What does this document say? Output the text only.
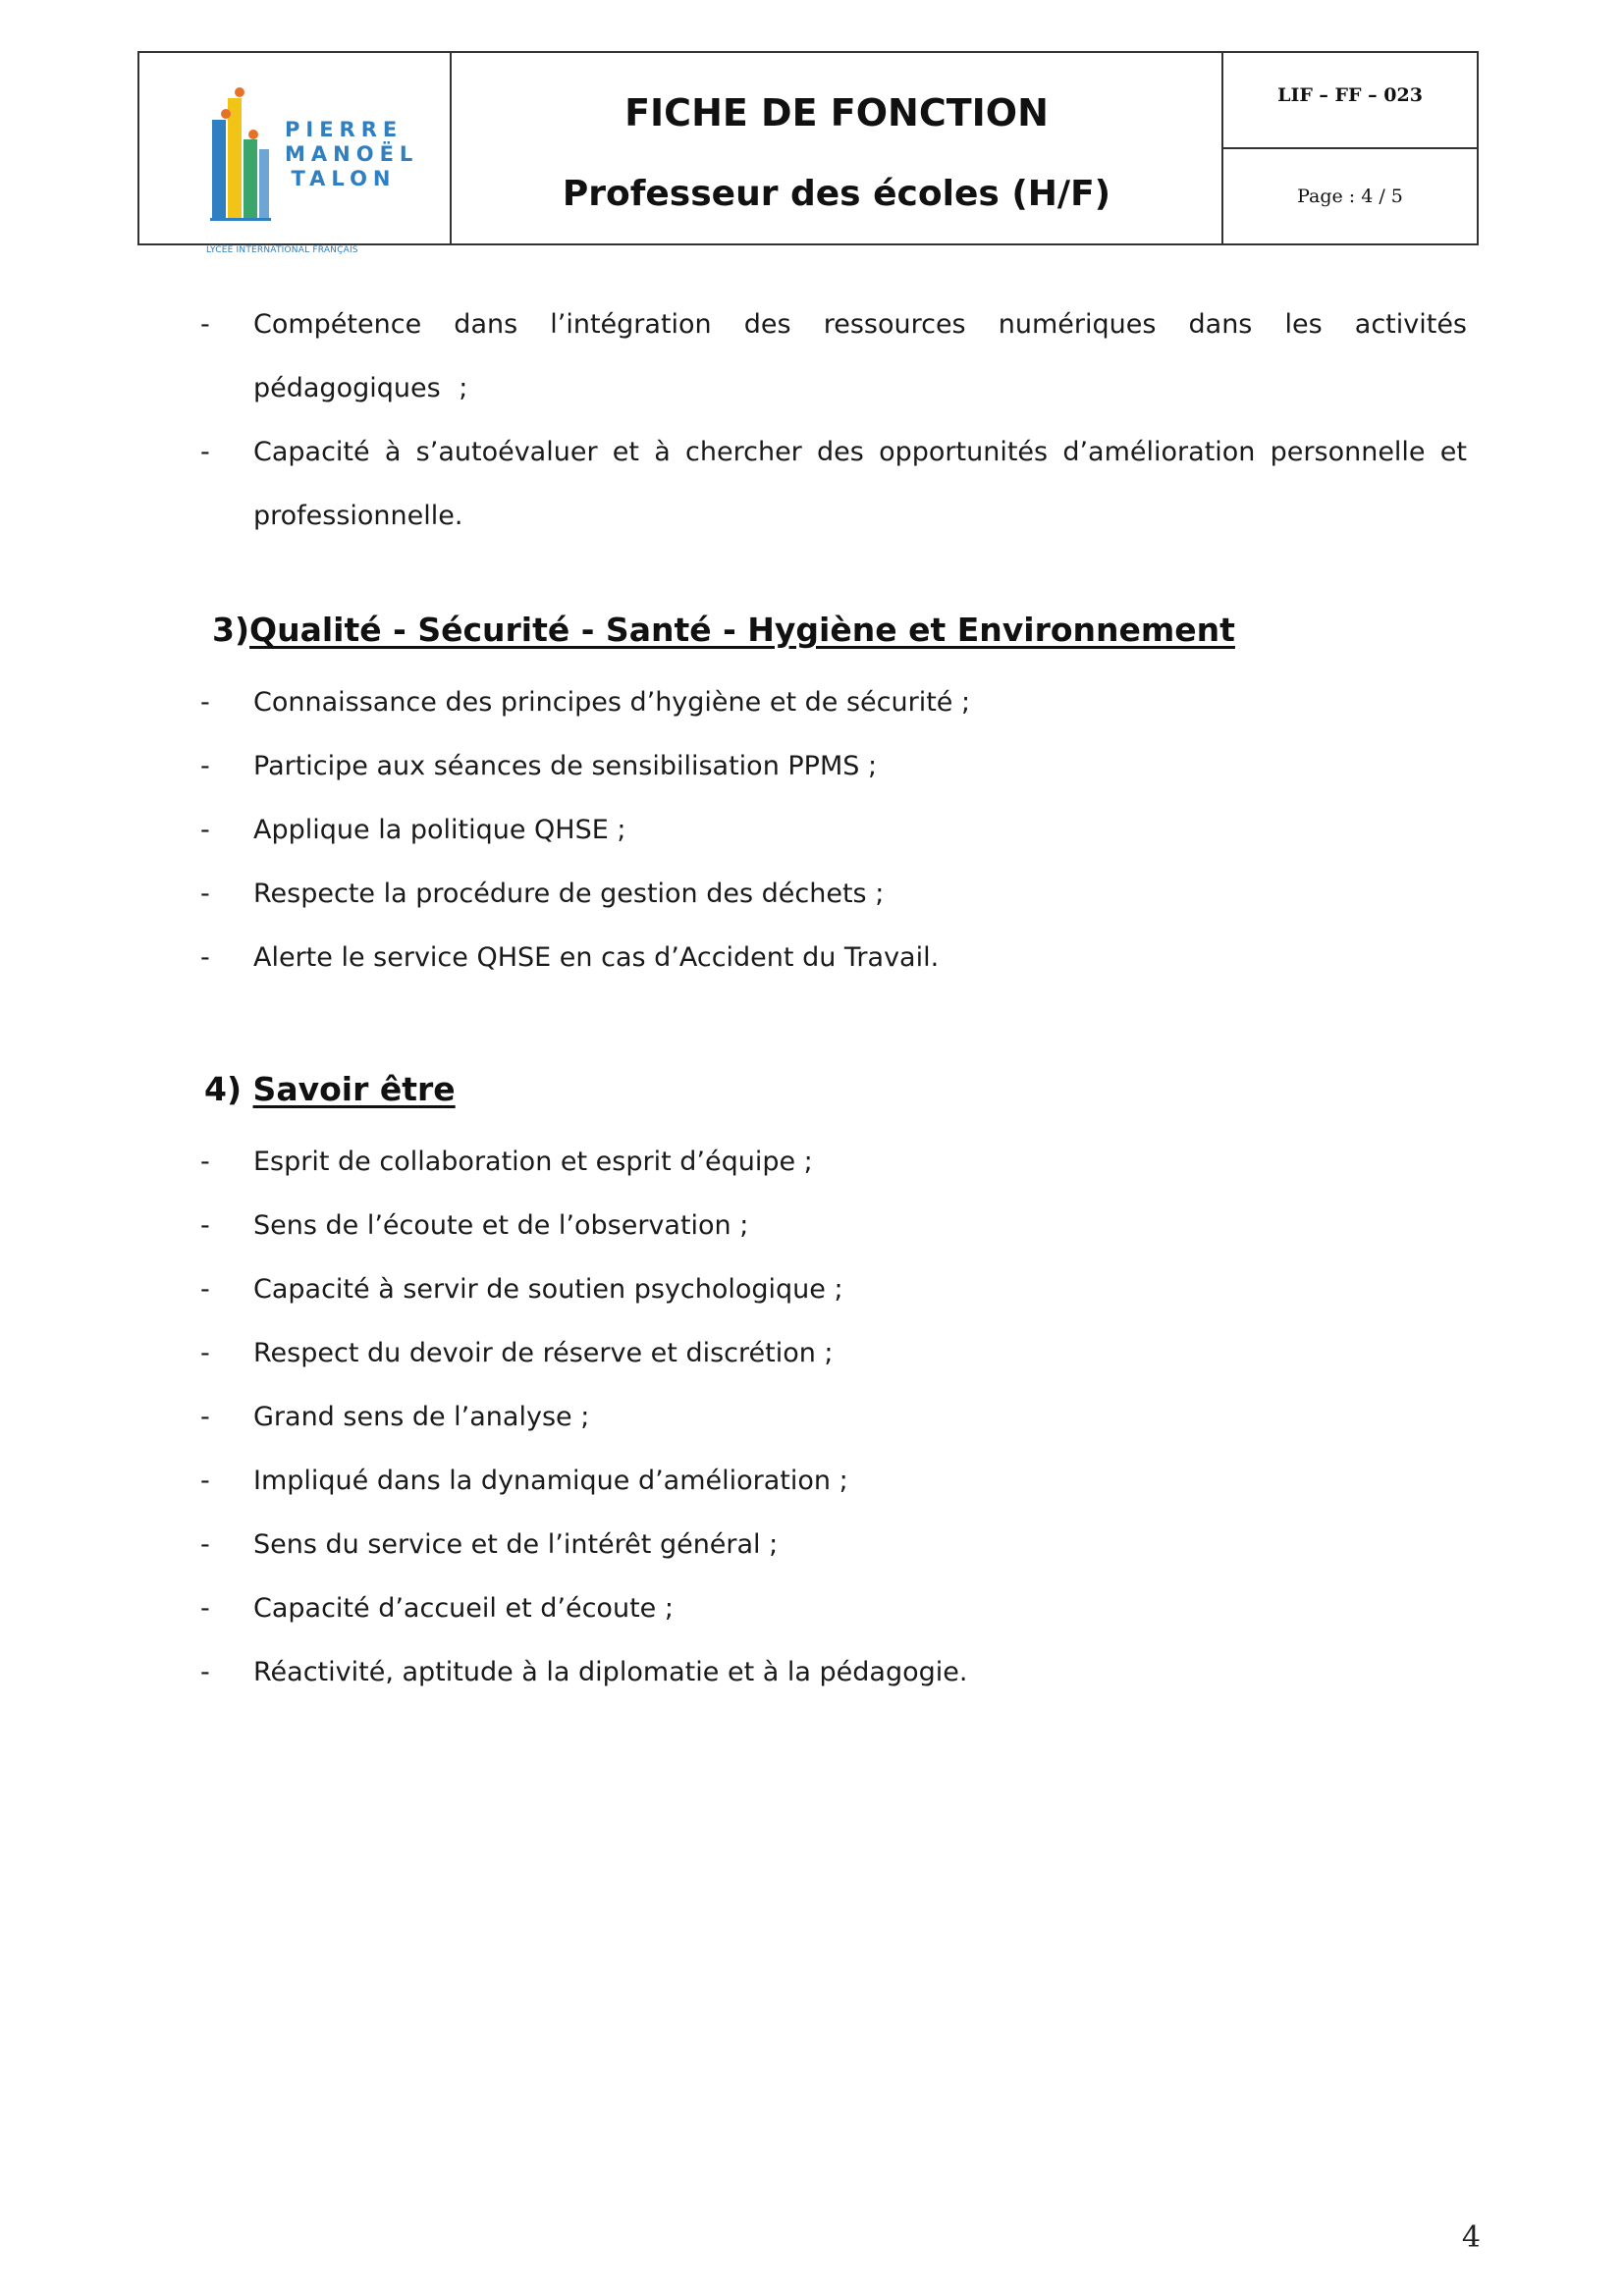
PIERRE
MANOËL
TALON
LYCÉE INTERNATIONAL FRANÇAIS
FICHE DE FONCTION
Professeur des écoles (H/F)
LIF – FF – 023
Page : 4 / 5
-	Compétence dans l’intégration des ressources numériques dans les activités pédagogiques ;
-	Capacité à s’autoévaluer et à chercher des opportunités d’amélioration personnelle et professionnelle.
3)Qualité - Sécurité - Santé - Hygiène et Environnement
-	Connaissance des principes d’hygiène et de sécurité ;
-	Participe aux séances de sensibilisation PPMS ;
-	Applique la politique QHSE ;
-	Respecte la procédure de gestion des déchets ;
-	Alerte le service QHSE en cas d’Accident du Travail.
4) Savoir être
-	Esprit de collaboration et esprit d’équipe ;
-	Sens de l’écoute et de l’observation ;
-	Capacité à servir de soutien psychologique ;
-	Respect du devoir de réserve et discrétion ;
-	Grand sens de l’analyse ;
-	Impliqué dans la dynamique d’amélioration ;
-	Sens du service et de l’intérêt général ;
-	Capacité d’accueil et d’écoute ;
-	Réactivité, aptitude à la diplomatie et à la pédagogie.
4
